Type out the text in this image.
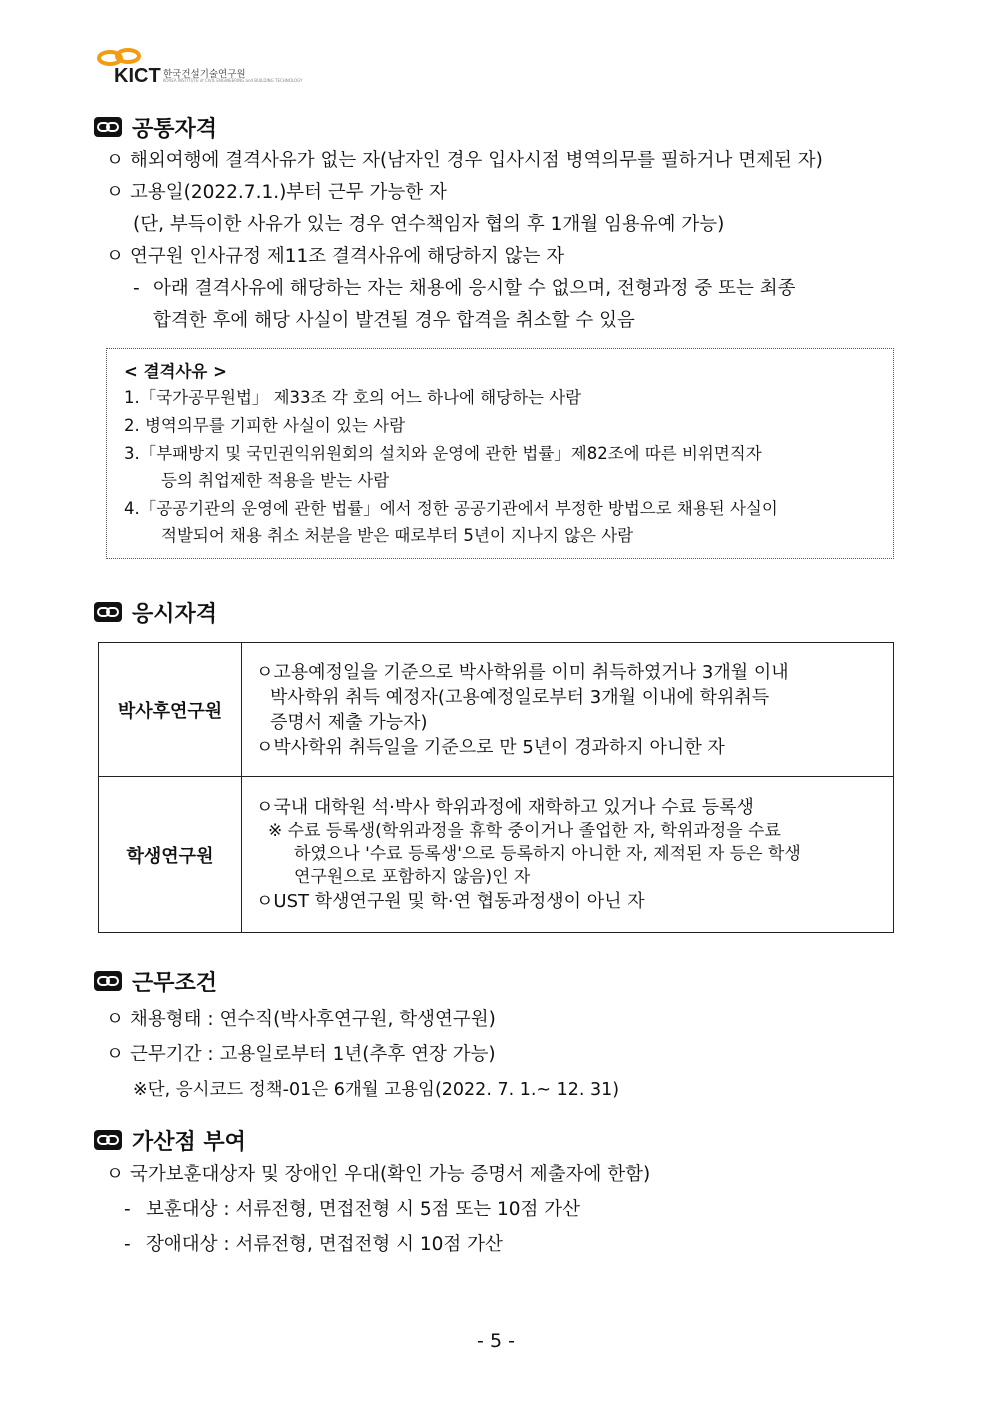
KICT 한국건설기술연구원
KOREA INSTITUTE of CIVIL ENGINEERING and BUILDING TECHNOLOGY
공통자격
ㅇ 해외여행에 결격사유가 없는 자(남자인 경우 입사시점 병역의무를 필하거나 면제된 자)
ㅇ 고용일(2022.7.1.)부터 근무 가능한 자
(단, 부득이한 사유가 있는 경우 연수책임자 협의 후 1개월 임용유예 가능)
ㅇ 연구원 인사규정 제11조 결격사유에 해당하지 않는 자
- 아래 결격사유에 해당하는 자는 채용에 응시할 수 없으며, 전형과정 중 또는 최종
합격한 후에 해당 사실이 발견될 경우 합격을 취소할 수 있음
< 결격사유 >
1.「국가공무원법」 제33조 각 호의 어느 하나에 해당하는 사람
2. 병역의무를 기피한 사실이 있는 사람
3.「부패방지 및 국민권익위원회의 설치와 운영에 관한 법률」제82조에 따른 비위면직자
등의 취업제한 적용을 받는 사람
4.「공공기관의 운영에 관한 법률」에서 정한 공공기관에서 부정한 방법으로 채용된 사실이
적발되어 채용 취소 처분을 받은 때로부터 5년이 지나지 않은 사람
응시자격
박사후연구원	ㅇ고용예정일을 기준으로 박사학위를 이미 취득하였거나 3개월 이내
박사학위 취득 예정자(고용예정일로부터 3개월 이내에 학위취득
증명서 제출 가능자)
ㅇ박사학위 취득일을 기준으로 만 5년이 경과하지 아니한 자

학생연구원	ㅇ국내 대학원 석·박사 학위과정에 재학하고 있거나 수료 등록생
※ 수료 등록생(학위과정을 휴학 중이거나 졸업한 자, 학위과정을 수료
하였으나 '수료 등록생'으로 등록하지 아니한 자, 제적된 자 등은 학생
연구원으로 포함하지 않음)인 자
ㅇUST 학생연구원 및 학·연 협동과정생이 아닌 자
근무조건
ㅇ 채용형태 : 연수직(박사후연구원, 학생연구원)
ㅇ 근무기간 : 고용일로부터 1년(추후 연장 가능)
※단, 응시코드 정책-01은 6개월 고용임(2022. 7. 1.~ 12. 31)
가산점 부여
ㅇ 국가보훈대상자 및 장애인 우대(확인 가능 증명서 제출자에 한함)
- 보훈대상 : 서류전형, 면접전형 시 5점 또는 10점 가산
- 장애대상 : 서류전형, 면접전형 시 10점 가산
- 5 -
